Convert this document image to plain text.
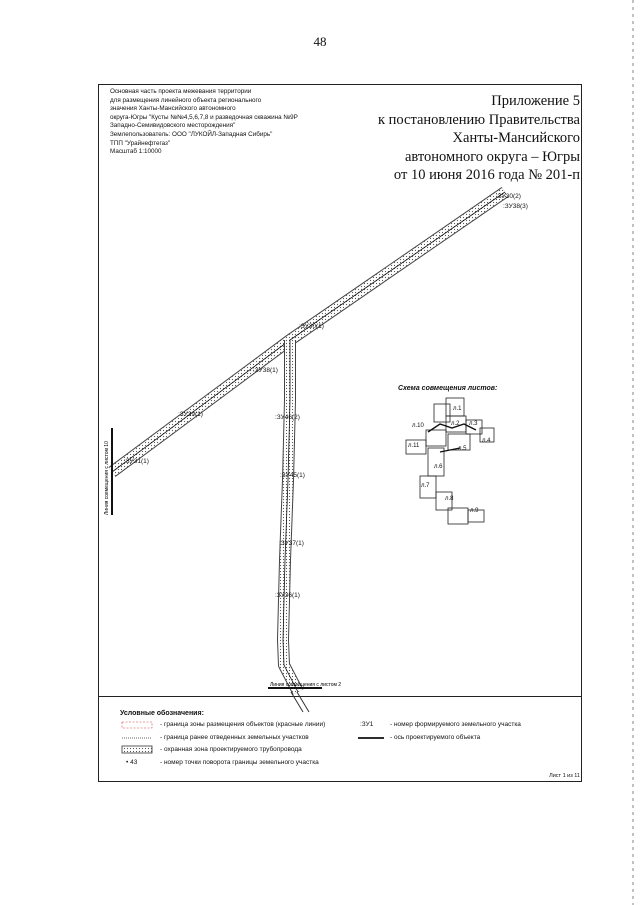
48
Основная часть проекта межевания территории
для размещения линейного объекта регионального
значения Ханты-Мансийского автономного
округа-Югры "Кусты №№4,5,6,7,8 и разведочная скважина №9Р
Западно-Семивидовского месторождения"
Землепользователь: ООО "ЛУКОЙЛ-Западная Сибирь"
ТПП "Урайнефтегаз"
Масштаб 1:10000
Приложение 5
к постановлению Правительства
Ханты-Мансийского
автономного округа – Югры
от 10 июня 2016 года № 201-п
:ЗУ30(2)
:ЗУ38(3)
:ЗУ30(1)
:ЗУ38(1)
:ЗУ39(1)	:ЗУ46(2)
:ЗУ31(1)
:ЗУ45(1)
:ЗУ37(1)
:ЗУ36(1)
Линия совмещения с листом 10
Линия совмещения с листом 2
л.1
л.2 л.3
л.4
л.5
л.6
л.7
л.8
л.9
л.10
л.11
Схема совмещения листов:
Условные обозначения:
- граница зоны размещения объектов (красные линии)
- граница ранее отведенных земельных участков
- охранная зона проектируемого трубопровода
• 43	- номер точки поворота границы земельного участка
:ЗУ1	- номер формируемого земельного участка
- ось проектируемого объекта
Лист 1 из 11
